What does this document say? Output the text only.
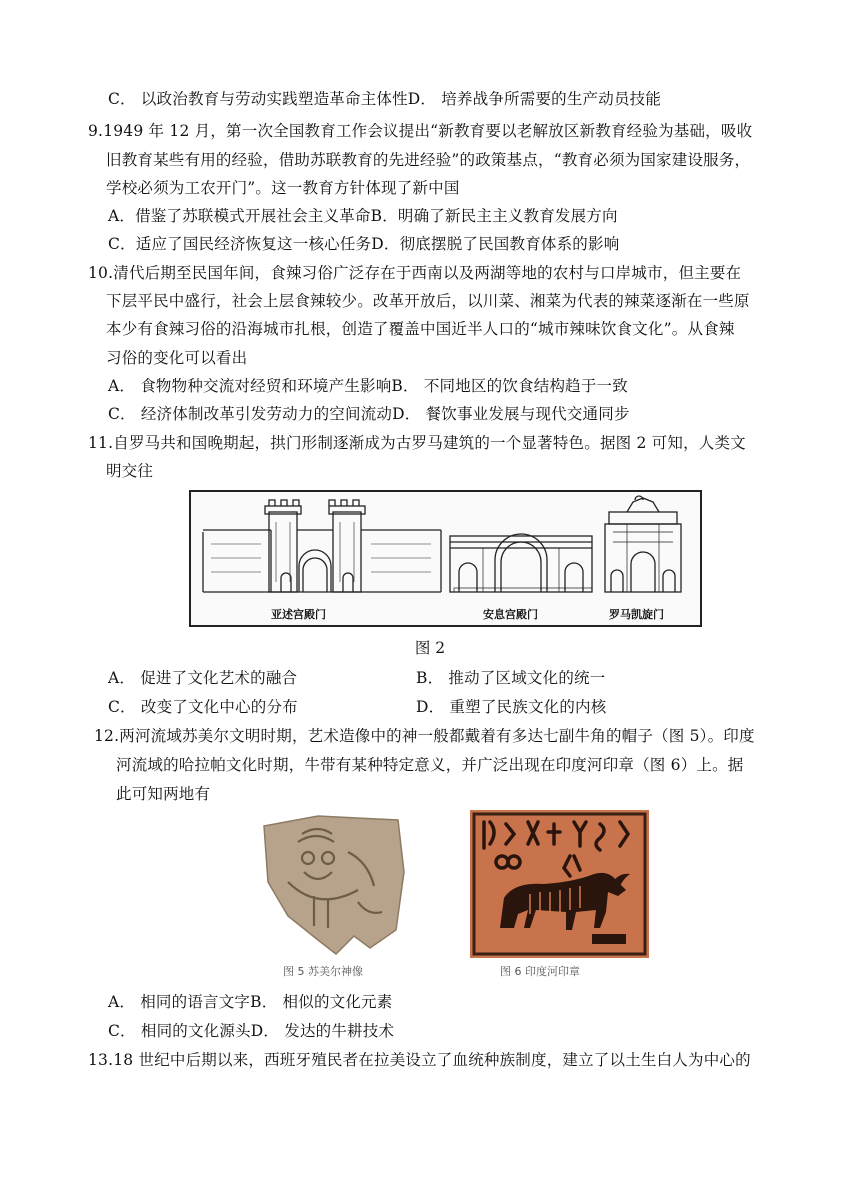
C． 以政治教育与劳动实践塑造革命主体性D． 培养战争所需要的生产动员技能
9.1949 年 12 月，第一次全国教育工作会议提出“新教育要以老解放区新教育经验为基础，吸收
旧教育某些有用的经验，借助苏联教育的先进经验”的政策基点，“教育必须为国家建设服务，
学校必须为工农开门”。这一教育方针体现了新中国
A．借鉴了苏联模式开展社会主义革命B．明确了新民主主义教育发展方向
C．适应了国民经济恢复这一核心任务D．彻底摆脱了民国教育体系的影响
10.清代后期至民国年间，食辣习俗广泛存在于西南以及两湖等地的农村与口岸城市，但主要在
下层平民中盛行，社会上层食辣较少。改革开放后，以川菜、湘菜为代表的辣菜逐渐在一些原
本少有食辣习俗的沿海城市扎根，创造了覆盖中国近半人口的“城市辣味饮食文化”。从食辣
习俗的变化可以看出
A． 食物物种交流对经贸和环境产生影响B． 不同地区的饮食结构趋于一致
C． 经济体制改革引发劳动力的空间流动D． 餐饮事业发展与现代交通同步
11.自罗马共和国晚期起，拱门形制逐渐成为古罗马建筑的一个显著特色。据图 2 可知，人类文
明交往
亚述宫殿门	安息宫殿门	罗马凯旋门
图 2
A． 促进了文化艺术的融合	B． 推动了区域文化的统一
C． 改变了文化中心的分布	D． 重塑了民族文化的内核
12.两河流域苏美尔文明时期，艺术造像中的神一般都戴着有多达七副牛角的帽子（图 5）。印度
河流域的哈拉帕文化时期，牛带有某种特定意义，并广泛出现在印度河印章（图 6）上。据
此可知两地有
图 5 苏美尔神像	图 6 印度河印章
A． 相同的语言文字B． 相似的文化元素
C． 相同的文化源头D． 发达的牛耕技术
13.18 世纪中后期以来，西班牙殖民者在拉美设立了血统种族制度，建立了以土生白人为中心的
